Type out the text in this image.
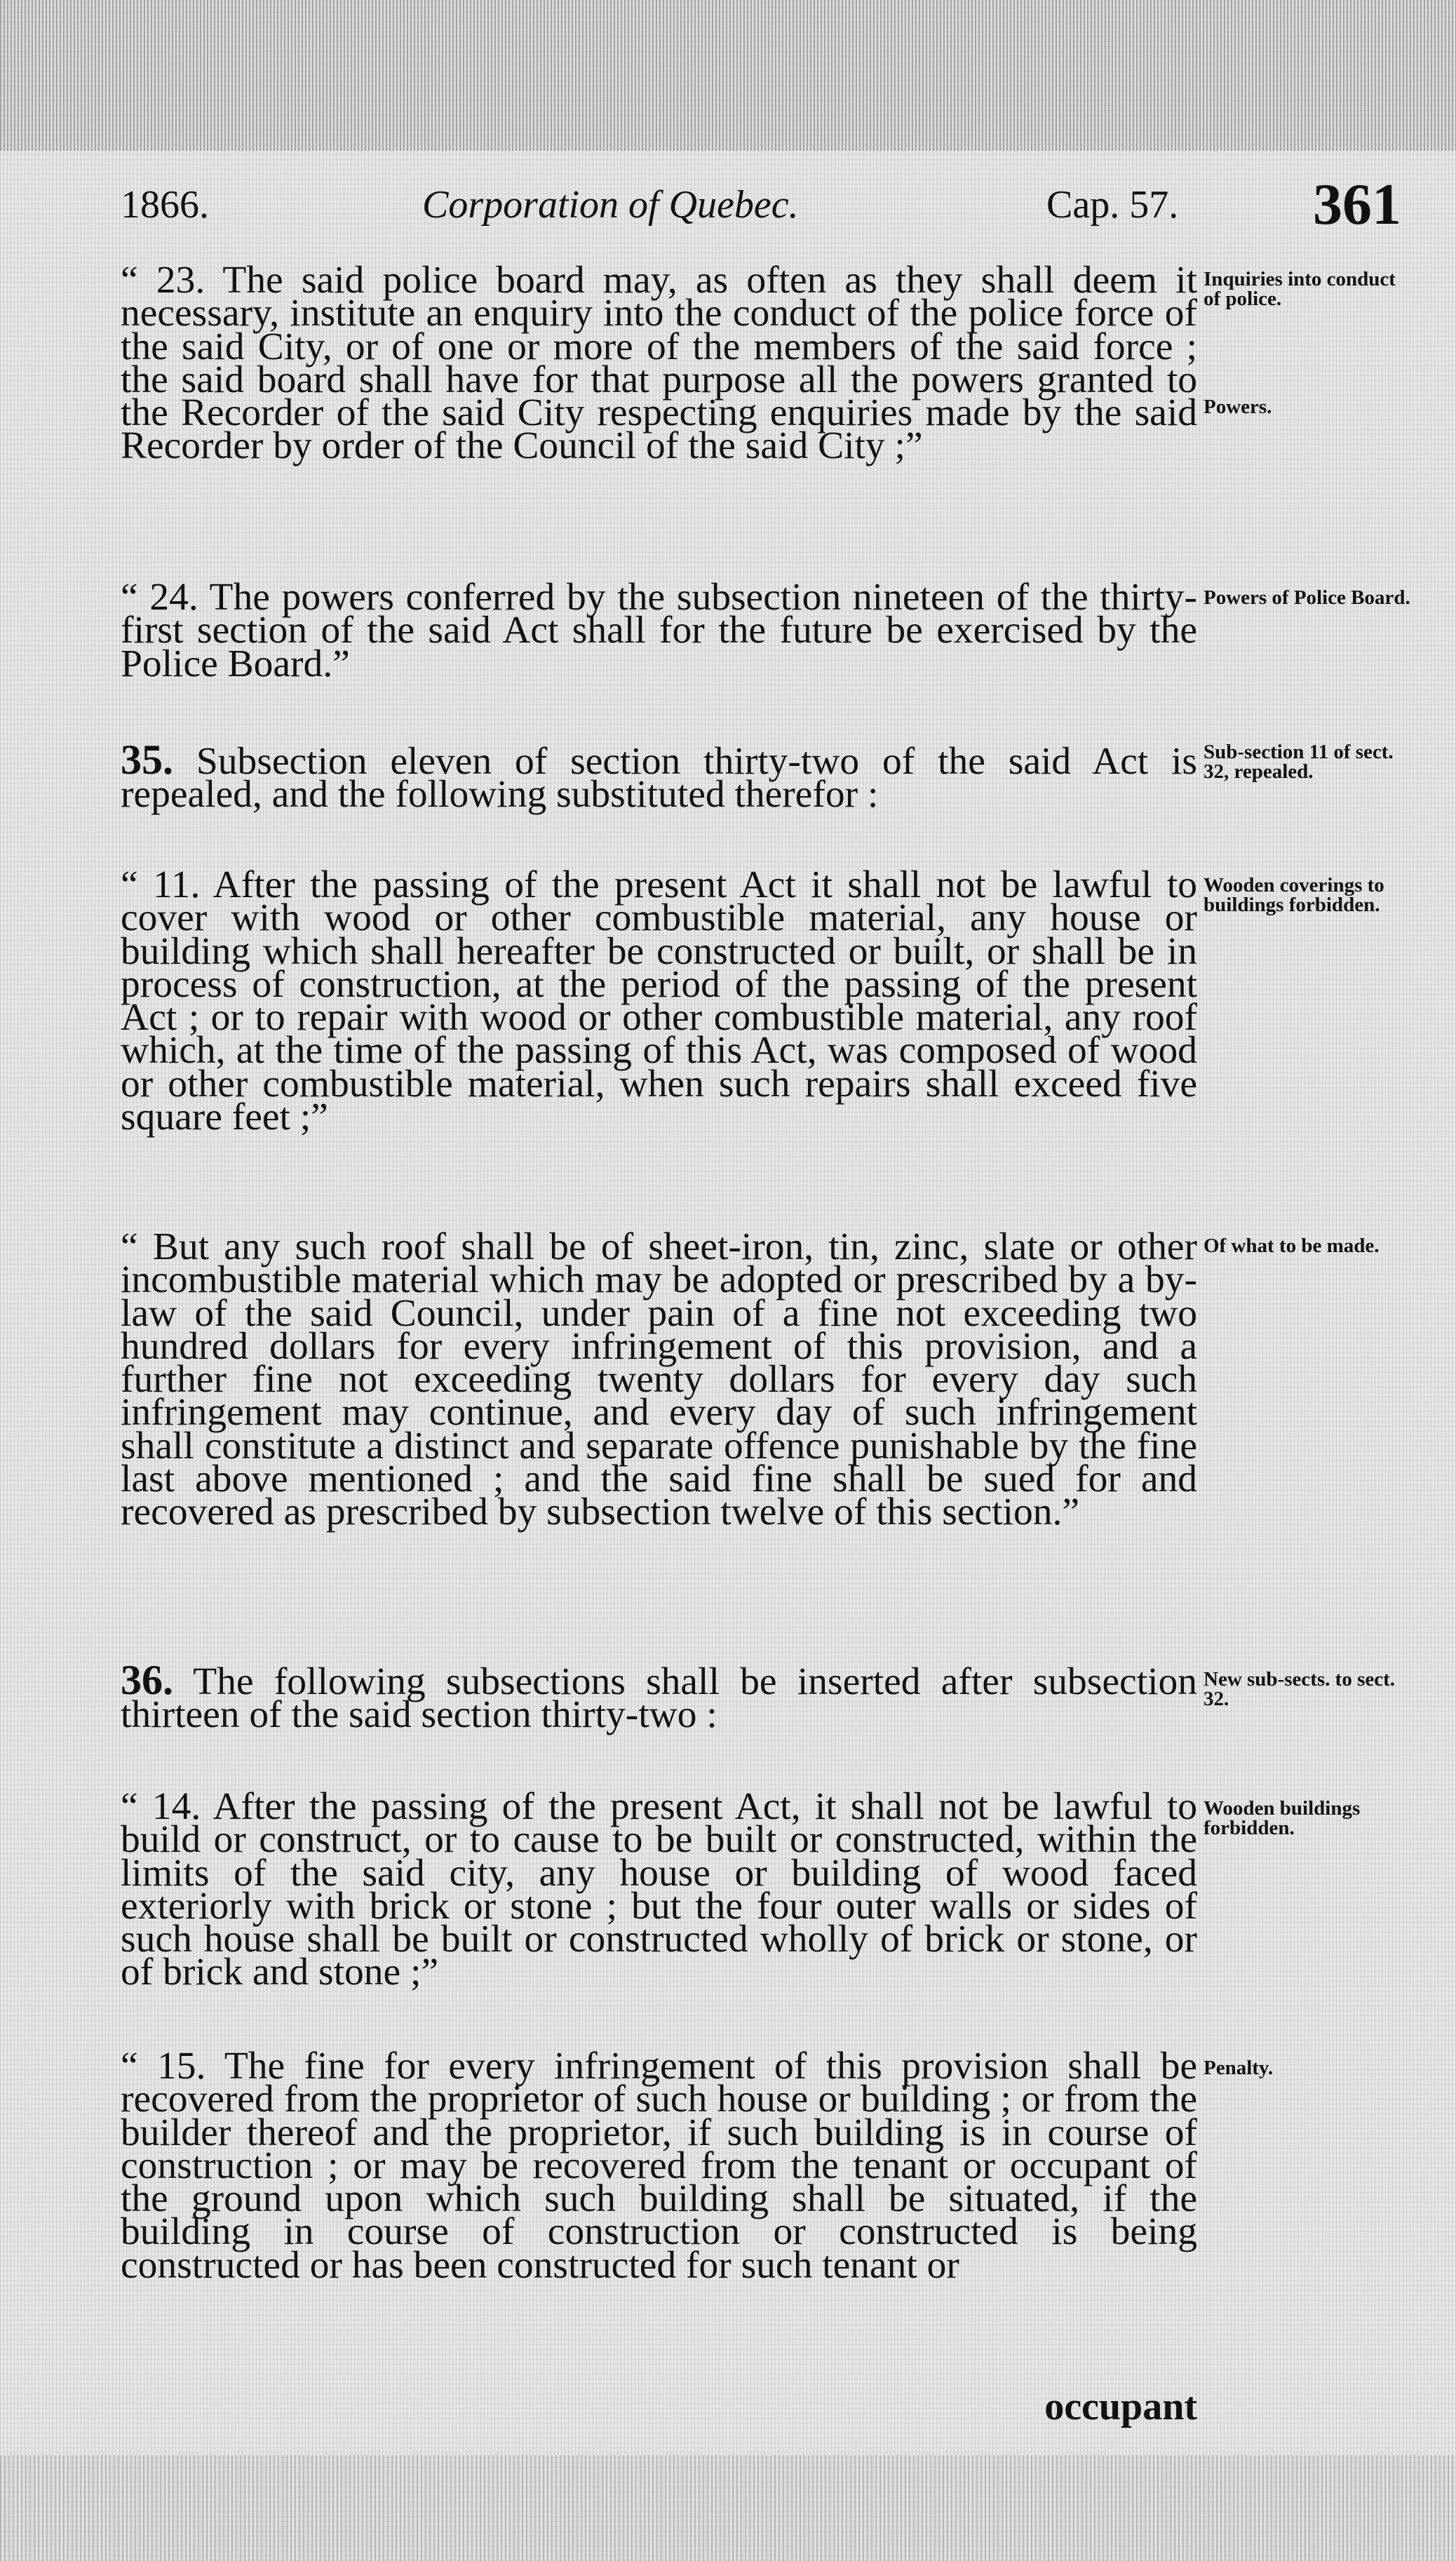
1866.	Corporation of Quebec.	Cap. 57. 361

“ 23. The said police board may, as often as they shall deem it necessary, institute an enquiry into the conduct of the police force of the said City, or of one or more of the members of the said force ; the said board shall have for that purpose all the powers granted to the Recorder of the said City respecting enquiries made by the said Recorder by order of the Council of the said City ;”

“ 24. The powers conferred by the subsection nineteen of the thirty-first section of the said Act shall for the future be exercised by the Police Board.”

35. Subsection eleven of section thirty-two of the said Act is repealed, and the following substituted therefor :

“ 11. After the passing of the present Act it shall not be lawful to cover with wood or other combustible material, any house or building which shall hereafter be constructed or built, or shall be in process of construction, at the period of the passing of the present Act ; or to repair with wood or other combustible material, any roof which, at the time of the passing of this Act, was composed of wood or other combustible material, when such repairs shall exceed five square feet ;”

“ But any such roof shall be of sheet-iron, tin, zinc, slate or other incombustible material which may be adopted or prescribed by a by-law of the said Council, under pain of a fine not exceeding two hundred dollars for every infringement of this provision, and a further fine not exceeding twenty dollars for every day such infringement may continue, and every day of such infringement shall constitute a distinct and separate offence punishable by the fine last above mentioned ; and the said fine shall be sued for and recovered as prescribed by subsection twelve of this section.”

36. The following subsections shall be inserted after subsection thirteen of the said section thirty-two :

“ 14. After the passing of the present Act, it shall not be lawful to build or construct, or to cause to be built or constructed, within the limits of the said city, any house or building of wood faced exteriorly with brick or stone ; but the four outer walls or sides of such house shall be built or constructed wholly of brick or stone, or of brick and stone ;”

“ 15. The fine for every infringement of this provision shall be recovered from the proprietor of such house or building ; or from the builder thereof and the proprietor, if such building is in course of construction ; or may be recovered from the tenant or occupant of the ground upon which such building shall be situated, if the building in course of construction or constructed is being constructed or has been constructed for such tenant or

occupant
Inquiries into conduct of police.
Powers.
Powers of Police Board.
Sub-section 11 of sect. 32, repealed.
Wooden coverings to buildings forbidden.
Of what to be made.
New sub-sects. to sect. 32.
Wooden buildings forbidden.
Penalty.
